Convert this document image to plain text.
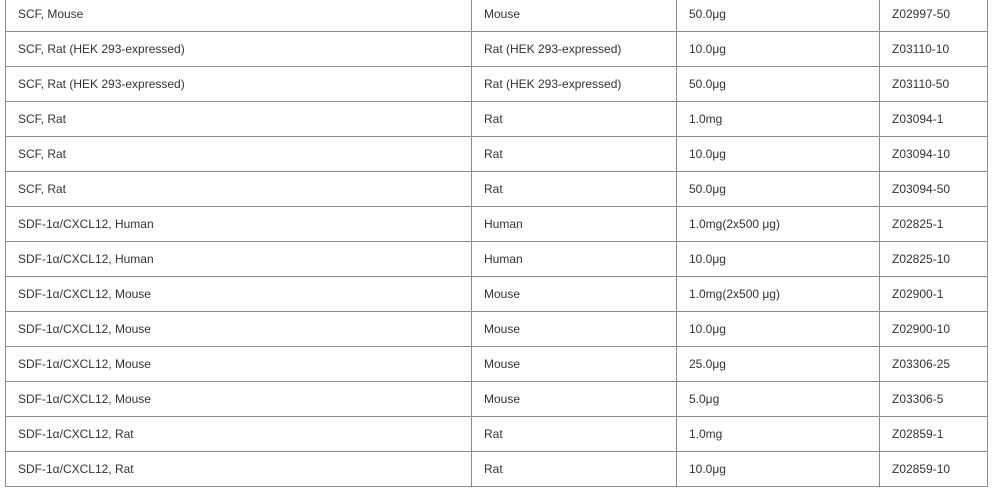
SCF, Mouse	Mouse	50.0μg	Z02997-50
SCF, Rat (HEK 293-expressed)	Rat (HEK 293-expressed)	10.0μg	Z03110-10
SCF, Rat (HEK 293-expressed)	Rat (HEK 293-expressed)	50.0μg	Z03110-50
SCF, Rat	Rat	1.0mg	Z03094-1
SCF, Rat	Rat	10.0μg	Z03094-10
SCF, Rat	Rat	50.0μg	Z03094-50
SDF-1α/CXCL12, Human	Human	1.0mg(2x500 μg)	Z02825-1
SDF-1α/CXCL12, Human	Human	10.0μg	Z02825-10
SDF-1α/CXCL12, Mouse	Mouse	1.0mg(2x500 μg)	Z02900-1
SDF-1α/CXCL12, Mouse	Mouse	10.0μg	Z02900-10
SDF-1α/CXCL12, Mouse	Mouse	25.0μg	Z03306-25
SDF-1α/CXCL12, Mouse	Mouse	5.0μg	Z03306-5
SDF-1α/CXCL12, Rat	Rat	1.0mg	Z02859-1
SDF-1α/CXCL12, Rat	Rat	10.0μg	Z02859-10
